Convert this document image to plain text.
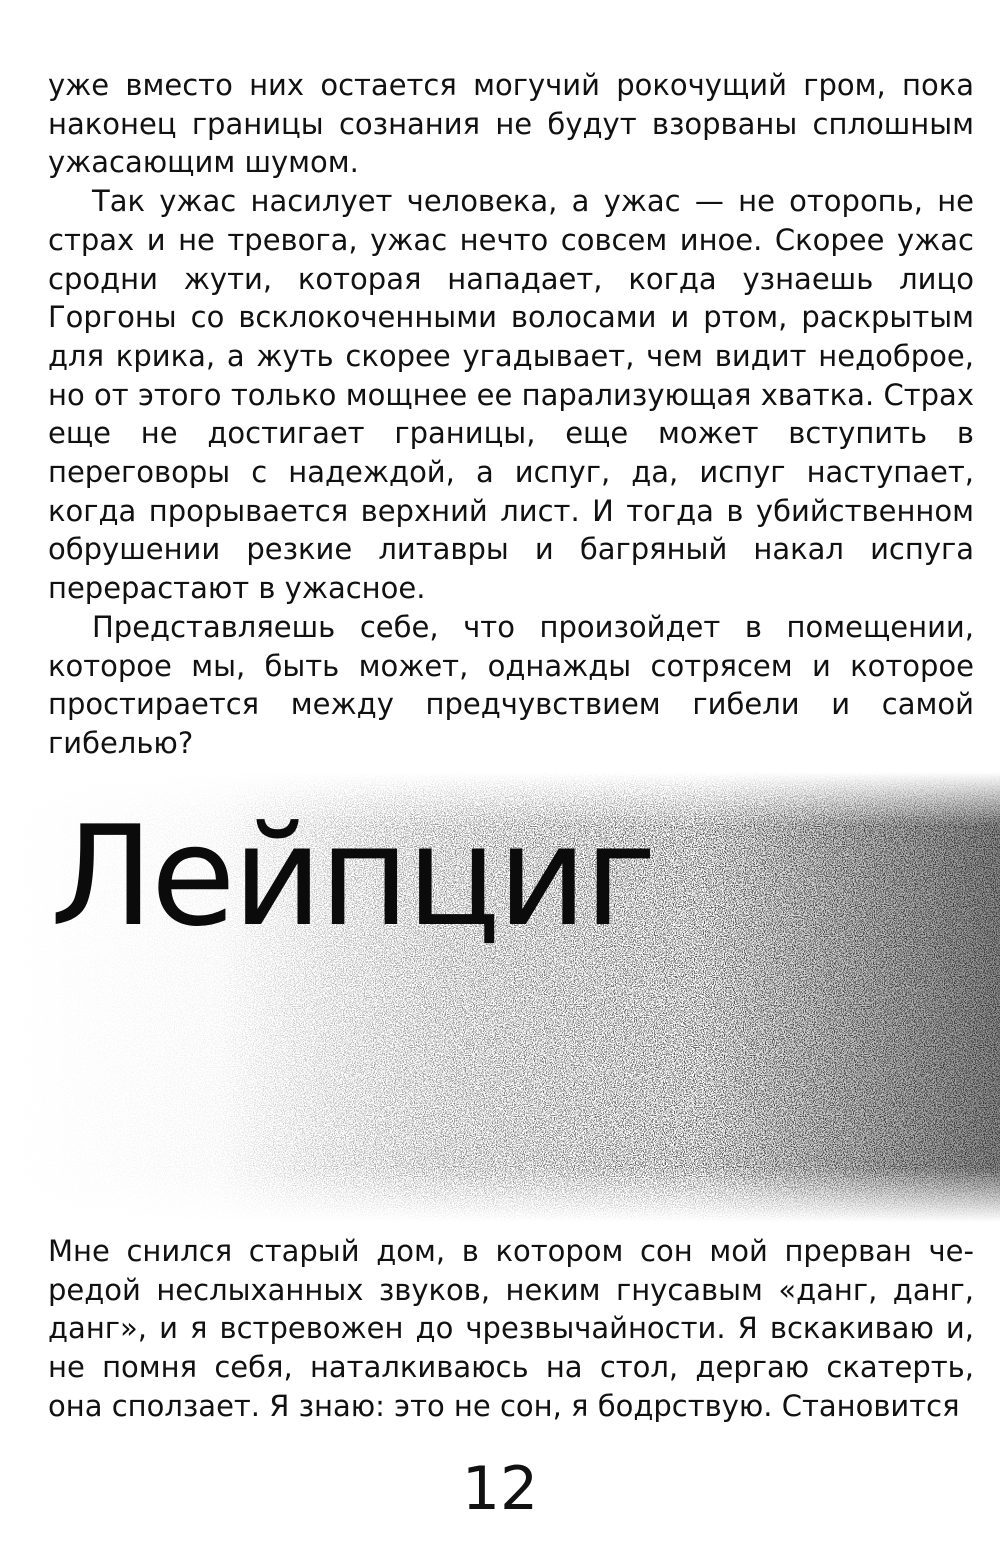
уже вместо них остается могучий рокочущий гром, пока наконец границы сознания не будут взорваны сплошным ужасающим шумом.

Так ужас насилует человека, а ужас — не оторопь, не страх и не тревога, ужас нечто совсем иное. Скорее ужас сродни жути, которая нападает, когда узнаешь лицо Горгоны со всклокоченными волосами и ртом, раскрытым для крика, а жуть скорее угадывает, чем видит недоброе, но от этого только мощнее ее парализующая хватка. Страх еще не достигает границы, еще может вступить в переговоры с надеждой, а испуг, да, испуг наступает, когда прорывается верхний лист. И тогда в убийственном обрушении резкие литавры и багряный накал испуга перерастают в ужасное.

Представляешь себе, что произойдет в помещении, которое мы, быть может, однажды сотрясем и которое простирается между предчувствием гибели и самой гибелью?

Лейпциг

Мне снился старый дом, в котором сон мой прерван чередой неслыханных звуков, неким гнусавым «данг, данг, данг», и я встревожен до чрезвычайности. Я вскакиваю и, не помня себя, наталкиваюсь на стол, дергаю скатерть, она сползает. Я знаю: это не сон, я бодрствую. Становится

12
